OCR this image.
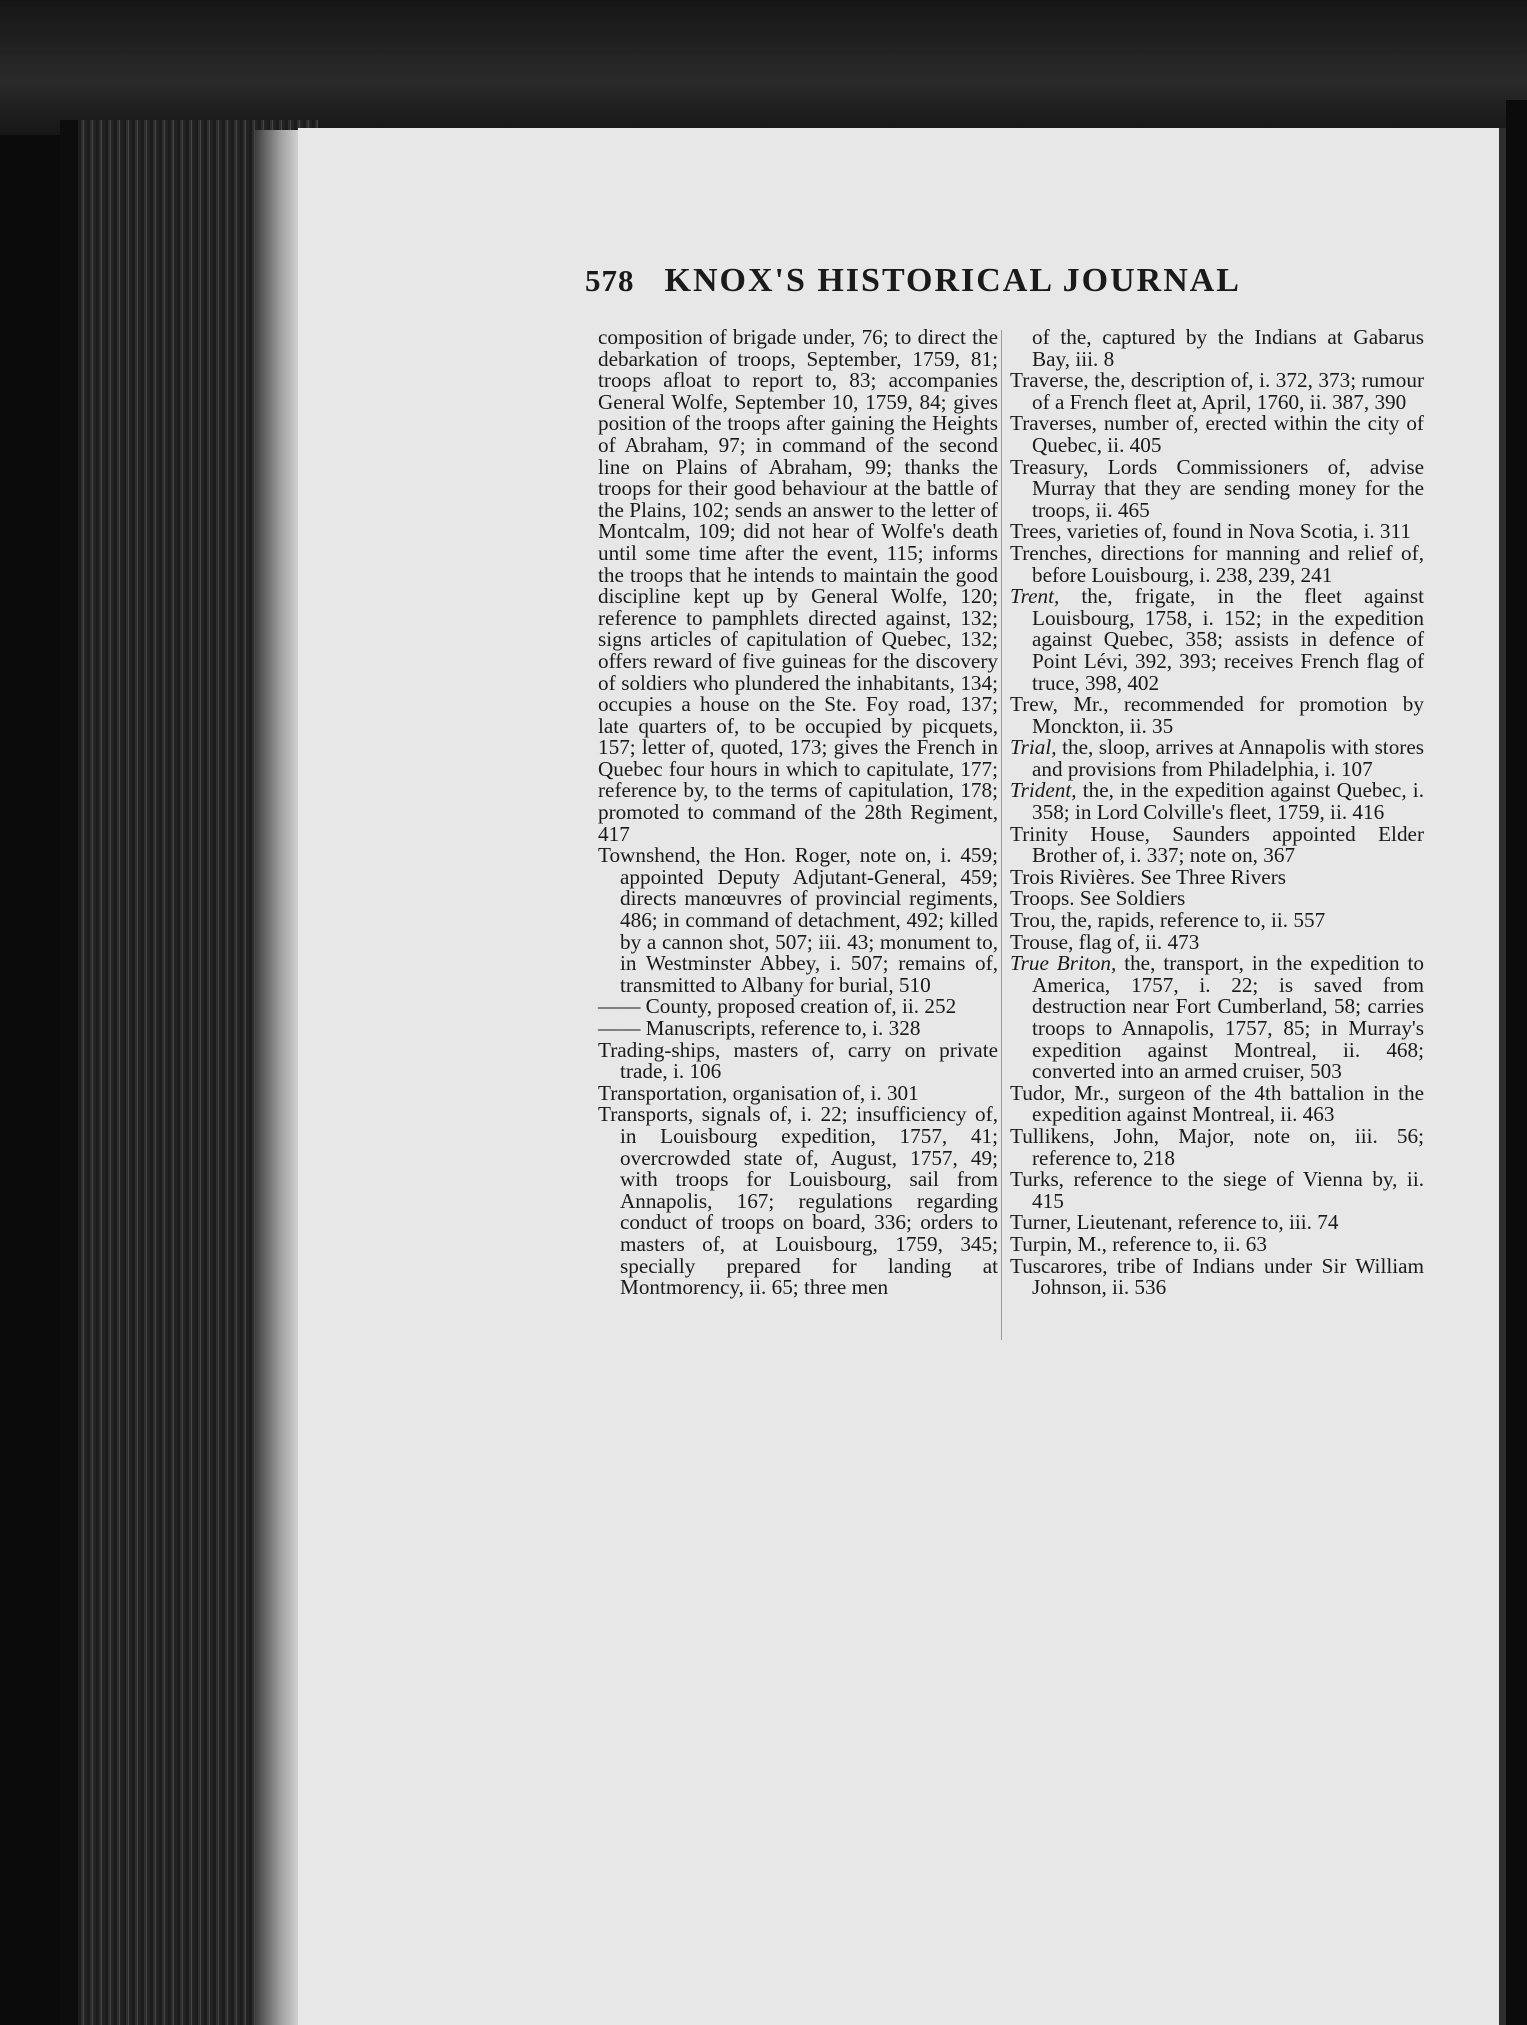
578 KNOX'S HISTORICAL JOURNAL
composition of brigade under, 76; to direct the debarkation of troops, September, 1759, 81; troops afloat to report to, 83; accompanies General Wolfe, September 10, 1759, 84; gives position of the troops after gaining the Heights of Abraham, 97; in command of the second line on Plains of Abraham, 99; thanks the troops for their good behaviour at the battle of the Plains, 102; sends an answer to the letter of Montcalm, 109; did not hear of Wolfe's death until some time after the event, 115; informs the troops that he intends to maintain the good discipline kept up by General Wolfe, 120; reference to pamphlets directed against, 132; signs articles of capitulation of Quebec, 132; offers reward of five guineas for the discovery of soldiers who plundered the inhabitants, 134; occupies a house on the Ste. Foy road, 137; late quarters of, to be occupied by picquets, 157; letter of, quoted, 173; gives the French in Quebec four hours in which to capitulate, 177; reference by, to the terms of capitulation, 178; promoted to command of the 28th Regiment, 417
Townshend, the Hon. Roger, note on, i. 459; appointed Deputy Adjutant-General, 459; directs manœuvres of provincial regiments, 486; in command of detachment, 492; killed by a cannon shot, 507; iii. 43; monument to, in Westminster Abbey, i. 507; remains of, transmitted to Albany for burial, 510
—— County, proposed creation of, ii. 252
—— Manuscripts, reference to, i. 328
Trading-ships, masters of, carry on private trade, i. 106
Transportation, organisation of, i. 301
Transports, signals of, i. 22; insufficiency of, in Louisbourg expedition, 1757, 41; overcrowded state of, August, 1757, 49; with troops for Louisbourg, sail from Annapolis, 167; regulations regarding conduct of troops on board, 336; orders to masters of, at Louisbourg, 1759, 345; specially prepared for landing at Montmorency, ii. 65; three men
of the, captured by the Indians at Gabarus Bay, iii. 8
Traverse, the, description of, i. 372, 373; rumour of a French fleet at, April, 1760, ii. 387, 390
Traverses, number of, erected within the city of Quebec, ii. 405
Treasury, Lords Commissioners of, advise Murray that they are sending money for the troops, ii. 465
Trees, varieties of, found in Nova Scotia, i. 311
Trenches, directions for manning and relief of, before Louisbourg, i. 238, 239, 241
Trent, the, frigate, in the fleet against Louisbourg, 1758, i. 152; in the expedition against Quebec, 358; assists in defence of Point Lévi, 392, 393; receives French flag of truce, 398, 402
Trew, Mr., recommended for promotion by Monckton, ii. 35
Trial, the, sloop, arrives at Annapolis with stores and provisions from Philadelphia, i. 107
Trident, the, in the expedition against Quebec, i. 358; in Lord Colville's fleet, 1759, ii. 416
Trinity House, Saunders appointed Elder Brother of, i. 337; note on, 367
Trois Rivières. See Three Rivers
Troops. See Soldiers
Trou, the, rapids, reference to, ii. 557
Trouse, flag of, ii. 473
True Briton, the, transport, in the expedition to America, 1757, i. 22; is saved from destruction near Fort Cumberland, 58; carries troops to Annapolis, 1757, 85; in Murray's expedition against Montreal, ii. 468; converted into an armed cruiser, 503
Tudor, Mr., surgeon of the 4th battalion in the expedition against Montreal, ii. 463
Tullikens, John, Major, note on, iii. 56; reference to, 218
Turks, reference to the siege of Vienna by, ii. 415
Turner, Lieutenant, reference to, iii. 74
Turpin, M., reference to, ii. 63
Tuscarores, tribe of Indians under Sir William Johnson, ii. 536
